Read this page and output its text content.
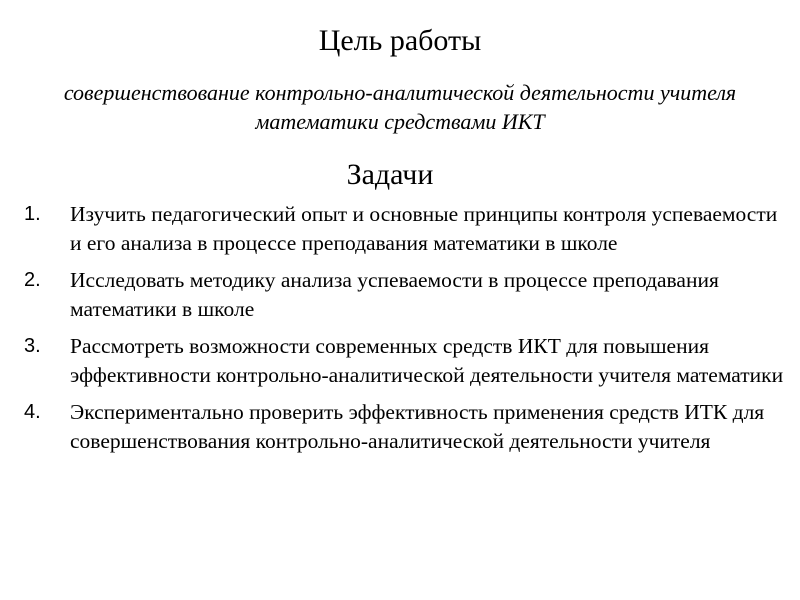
Цель работы
совершенствование контрольно-аналитической деятельности учителя математики средствами ИКТ
Задачи
1. Изучить педагогический опыт и основные принципы контроля успеваемости и его анализа в процессе преподавания математики в школе
2. Исследовать методику анализа успеваемости в процессе преподавания математики в школе
3. Рассмотреть возможности современных средств ИКТ для повышения эффективности контрольно-аналитической деятельности учителя математики
4. Экспериментально проверить эффективность применения средств ИТК для совершенствования контрольно-аналитической деятельности учителя
